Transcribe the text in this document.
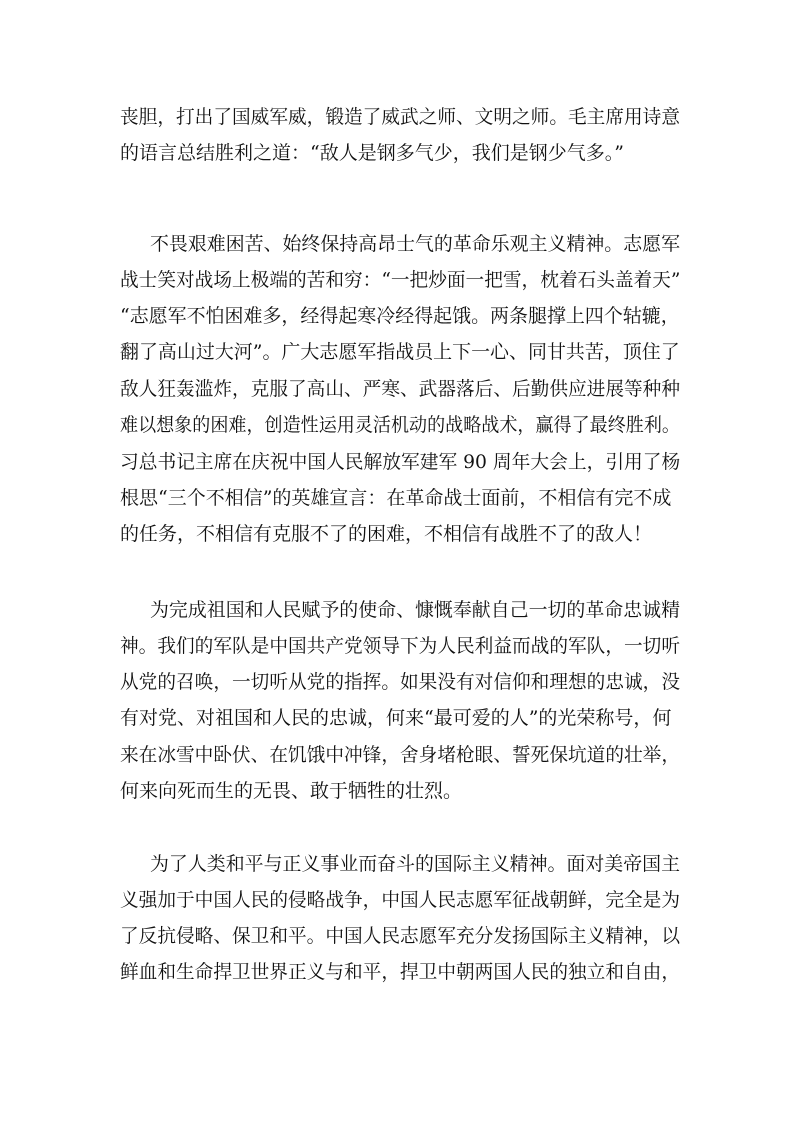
丧胆，打出了国威军威，锻造了威武之师、文明之师。毛主席用诗意
的语言总结胜利之道：“敌人是钢多气少，我们是钢少气多。”
不畏艰难困苦、始终保持高昂士气的革命乐观主义精神。志愿军
战士笑对战场上极端的苦和穷：“一把炒面一把雪，枕着石头盖着天”
“志愿军不怕困难多，经得起寒冷经得起饿。两条腿撑上四个轱辘，
翻了高山过大河”。广大志愿军指战员上下一心、同甘共苦，顶住了
敌人狂轰滥炸，克服了高山、严寒、武器落后、后勤供应进展等种种
难以想象的困难，创造性运用灵活机动的战略战术，赢得了最终胜利。
习总书记主席在庆祝中国人民解放军建军 90 周年大会上，引用了杨
根思“三个不相信”的英雄宣言：在革命战士面前，不相信有完不成
的任务，不相信有克服不了的困难，不相信有战胜不了的敌人！
为完成祖国和人民赋予的使命、慷慨奉献自己一切的革命忠诚精
神。我们的军队是中国共产党领导下为人民利益而战的军队，一切听
从党的召唤，一切听从党的指挥。如果没有对信仰和理想的忠诚，没
有对党、对祖国和人民的忠诚，何来“最可爱的人”的光荣称号，何
来在冰雪中卧伏、在饥饿中冲锋，舍身堵枪眼、誓死保坑道的壮举，
何来向死而生的无畏、敢于牺牲的壮烈。
为了人类和平与正义事业而奋斗的国际主义精神。面对美帝国主
义强加于中国人民的侵略战争，中国人民志愿军征战朝鲜，完全是为
了反抗侵略、保卫和平。中国人民志愿军充分发扬国际主义精神，以
鲜血和生命捍卫世界正义与和平，捍卫中朝两国人民的独立和自由，
